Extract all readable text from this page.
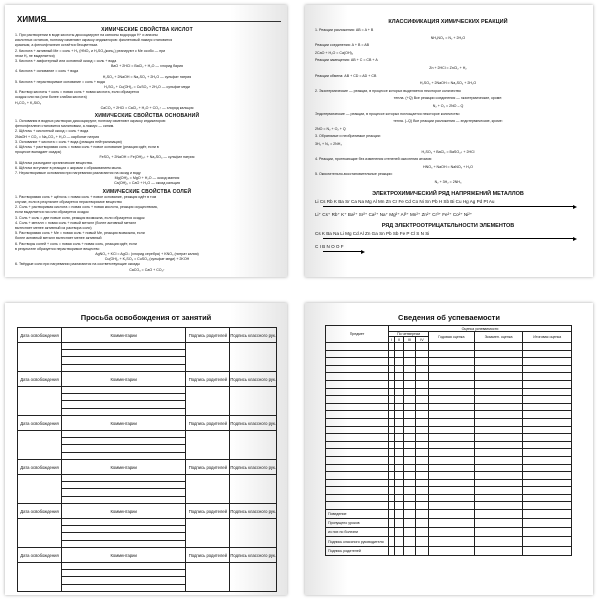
ХИМИЯ
ХИМИЧЕСКИЕ СВОЙСТВА КИСЛОТ
1. При растворении в воде кислоты диссоциируют на катионы водорода H⁺ и анионы
кислотных остатков, поэтому изменяют окраску индикаторов: фиолетовый лакмус становится
красным, а фенолфталеин остаётся бесцветным.
2. Кислота + активный Me = соль + H₂ (HNO₃ и H₂SO₄(конц.) реагируют с Me особо — при
этом H₂ не выделяется)
3. Кислота + амфотерный или основной оксид = соль + вода
BaO + 2HCl = BaCl₂ + H₂O — хлорид бария
4. Кислота + основание = соль + вода
H₂SO₄ + 2NaOH = Na₂SO₄ + 2H₂O — сульфат натрия
5. Кислота + нерастворимое основание = соль + вода
H₂SO₄ + Cu(OH)₂ = CuSO₄ + 2H₂O — сульфат меди
6. Раствор кислоты + соль = новая соль + новая кислота, если образуется
осадок или газ (или более слабая кислота)
H₂CO₃ + K₂SiO₃
CaCO₃ + 2HCl = CaCl₂ + H₂O + CO₂↑ — хлорид кальция
ХИМИЧЕСКИЕ СВОЙСТВА ОСНОВАНИЙ
1. Основания в водных растворах диссоциируют, поэтому изменяют окраску индикаторов:
фенолфталеин становится малиновым, а лакмус — синим.
2. Щёлочь + кислотный оксид = соль + вода
2NaOH + CO₂ = Na₂CO₃ + H₂O — карбонат натрия
3. Основание + кислота = соль + вода (реакция нейтрализации)
4. Щёлочь + растворимая соль = новая соль + новое основание (реакция идёт, если в
процессе выпадает осадок)
FeSO₄ + 2NaOH = Fe(OH)₂↓ + Na₂SO₄ — сульфат натрия
5. Щёлочи разъедают органические вещества.
6. Щёлочи вступают в реакции с жирами с образованием мыла.
7. Нерастворимые основания при нагревании разлагаются на оксид и воду
Mg(OH)₂ = MgO + H₂O — оксид магния
Ca(OH)₂ = CaO + H₂O — оксид кальция
ХИМИЧЕСКИЕ СВОЙСТВА СОЛЕЙ
1. Растворимая соль + щёлочь = новая соль + новое основание, реакция идёт в том
случае, если в результате образуется нерастворимое вещество
2. Соль + растворимая кислота = новая соль + новая кислота, реакция осуществима,
если выделяется газ или образуется осадок
3. Соль + соль = две новые соли, реакция возможна, если образуется осадок
4. Соль + металл = новая соль + новый металл (более активный металл
вытесняет менее активный из раствора соли)
5. Растворимая соль + Me = новая соль + новый Me, реакция возможна, если
более активный металл вытесняет менее активный
6. Растворы солей + соль = новая соль + новая соль, реакция идёт, если
в результате образуется нерастворимое вещество
AgNO₃ + KCl = AgCl↓ (хлорид серебра) + KNO₃ (нитрат калия)
Cu(OH)₂ + K₂SO₄ = CuSO₄ (сульфат меди) + 2KOH
6. Твёрдые соли при нагревании разлагаются на соответствующие оксиды
CaCO₃ = CaO + CO₂↑
КЛАССИФИКАЦИЯ ХИМИЧЕСКИХ РЕАКЦИЙ
1. Реакции разложения: AB = A + B
NH₄NO₃ = N₂ + 2H₂O
Реакции соединения: A + B = AB
2CaO + H₂O = Ca(OH)₂
Реакции замещения: AB + C = CB + A
Zn + 2HCl = ZnCl₂ + H₂
Реакции обмена: AB + CD = AD + CB
H₂SO₄ + 2NaOH = Na₂SO₄ + 2H₂O
2. Экзотермические — реакции, в процессе которых выделяется некоторое количество
тепла. (+Q) Все реакции соединения — экзотермические, кроме:
N₂ + O₂ = 2NO – Q
Эндотермические — реакции, в процессе которых поглощается некоторое количество
тепла. (–Q) Все реакции разложения — эндотермические, кроме:
2NO = N₂ + O₂ + Q
3. Обратимые и необратимые реакции:
3H₂ + N₂ = 2NH₃
H₂SO₄ + BaCl₂ = BaSO₄↓ + 2HCl
4. Реакции, протекающие без изменения степеней окисления атомов:
HNO₃ + NaOH = NaNO₃ + H₂O
5. Окислительно-восстановительные реакции:
N₂ + 3H₂ = 2NH₃
ЭЛЕКТРОХИМИЧЕСКИЙ РЯД НАПРЯЖЕНИЙ МЕТАЛЛОВ
Li Cs Rb K Ba Sr Ca Na Mg Al Mn Zn Cr Fe Cd Co Ni Sn Pb H Sb Bi Cu Hg Ag Pd Pt Au
Li⁺ Cs⁺ Rb⁺ K⁺ Ba²⁺ Sr²⁺ Ca²⁺ Na⁺ Mg²⁺ Al³⁺ Mn²⁺ Zn²⁺ Cr³⁺ Fe²⁺ Co²⁺ Ni²⁺
РЯД ЭЛЕКТРООТРИЦАТЕЛЬНОСТИ ЭЛЕМЕНТОВ
Cs K Ba Na Li Mg Cd Al Zn Ga Sn Pb Sb Fe P Cl S N Si
C I B N O O F
Просьба освобождения от занятий
Дата освобождения	Комментарии	Подпись родителей	Подпись классного рук.

Дата освобождения	Комментарии	Подпись родителей	Подпись классного рук.

Дата освобождения	Комментарии	Подпись родителей	Подпись классного рук.

Дата освобождения	Комментарии	Подпись родителей	Подпись классного рук.

Дата освобождения	Комментарии	Подпись родителей	Подпись классного рук.

Дата освобождения	Комментарии	Подпись родителей	Подпись классного рук.

Сведения об успеваемости
Предмет	Оценка успеваемости						
	По четвертям				Годовая оценка	Экзамен. оценка	Итоговая оценка
	I	II	III	IV			

Поведение							
Пропущено уроков							
из них по болезни							
Подпись классного руководителя							
Подпись родителей							
